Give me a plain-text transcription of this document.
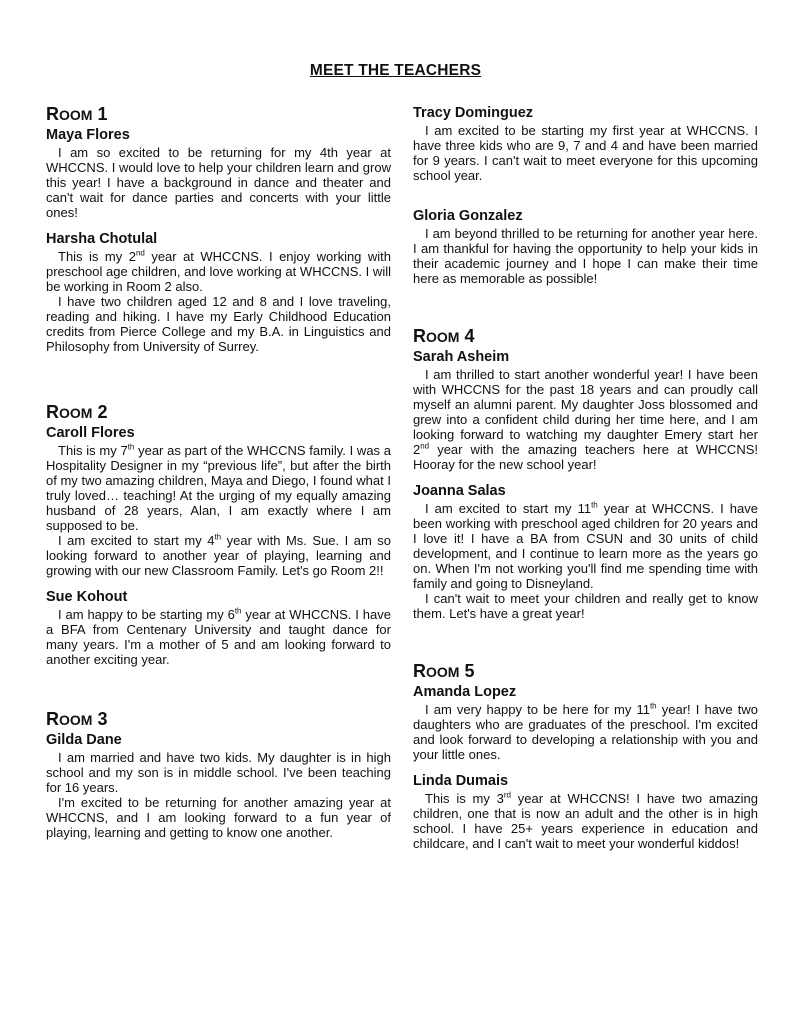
MEET THE TEACHERS
ROOM 1
Maya Flores

I am so excited to be returning for my 4th year at WHCCNS. I would love to help your children learn and grow this year! I have a background in dance and theater and can't wait for dance parties and concerts with your little ones!

Harsha Chotulal

This is my 2nd year at WHCCNS. I enjoy working with preschool age children, and love working at WHCCNS. I will be working in Room 2 also.

I have two children aged 12 and 8 and I love traveling, reading and hiking. I have my Early Childhood Education credits from Pierce College and my B.A. in Linguistics and Philosophy from University of Surrey.

ROOM 2
Caroll Flores

This is my 7th year as part of the WHCCNS family. I was a Hospitality Designer in my “previous life”, but after the birth of my two amazing children, Maya and Diego, I found what I truly loved… teaching! At the urging of my equally amazing husband of 28 years, Alan, I am exactly where I am supposed to be.

I am excited to start my 4th year with Ms. Sue. I am so looking forward to another year of playing, learning and growing with our new Classroom Family. Let's go Room 2!!

Sue Kohout

I am happy to be starting my 6th year at WHCCNS. I have a BFA from Centenary University and taught dance for many years. I'm a mother of 5 and am looking forward to another exciting year.

ROOM 3
Gilda Dane

I am married and have two kids. My daughter is in high school and my son is in middle school. I've been teaching for 16 years.

I'm excited to be returning for another amazing year at WHCCNS, and I am looking forward to a fun year of playing, learning and getting to know one another.

Tracy Dominguez

I am excited to be starting my first year at WHCCNS. I have three kids who are 9, 7 and 4 and have been married for 9 years. I can't wait to meet everyone for this upcoming school year.

Gloria Gonzalez

I am beyond thrilled to be returning for another year here. I am thankful for having the opportunity to help your kids in their academic journey and I hope I can make their time here as memorable as possible!

ROOM 4
Sarah Asheim

I am thrilled to start another wonderful year! I have been with WHCCNS for the past 18 years and can proudly call myself an alumni parent. My daughter Joss blossomed and grew into a confident child during her time here, and I am looking forward to watching my daughter Emery start her 2nd year with the amazing teachers here at WHCCNS! Hooray for the new school year!

Joanna Salas

I am excited to start my 11th year at WHCCNS. I have been working with preschool aged children for 20 years and I love it! I have a BA from CSUN and 30 units of child development, and I continue to learn more as the years go on. When I'm not working you'll find me spending time with family and going to Disneyland.

I can't wait to meet your children and really get to know them. Let's have a great year!

ROOM 5
Amanda Lopez

I am very happy to be here for my 11th year! I have two daughters who are graduates of the preschool. I'm excited and look forward to developing a relationship with you and your little ones.

Linda Dumais

This is my 3rd year at WHCCNS! I have two amazing children, one that is now an adult and the other is in high school. I have 25+ years experience in education and childcare, and I can't wait to meet your wonderful kiddos!
